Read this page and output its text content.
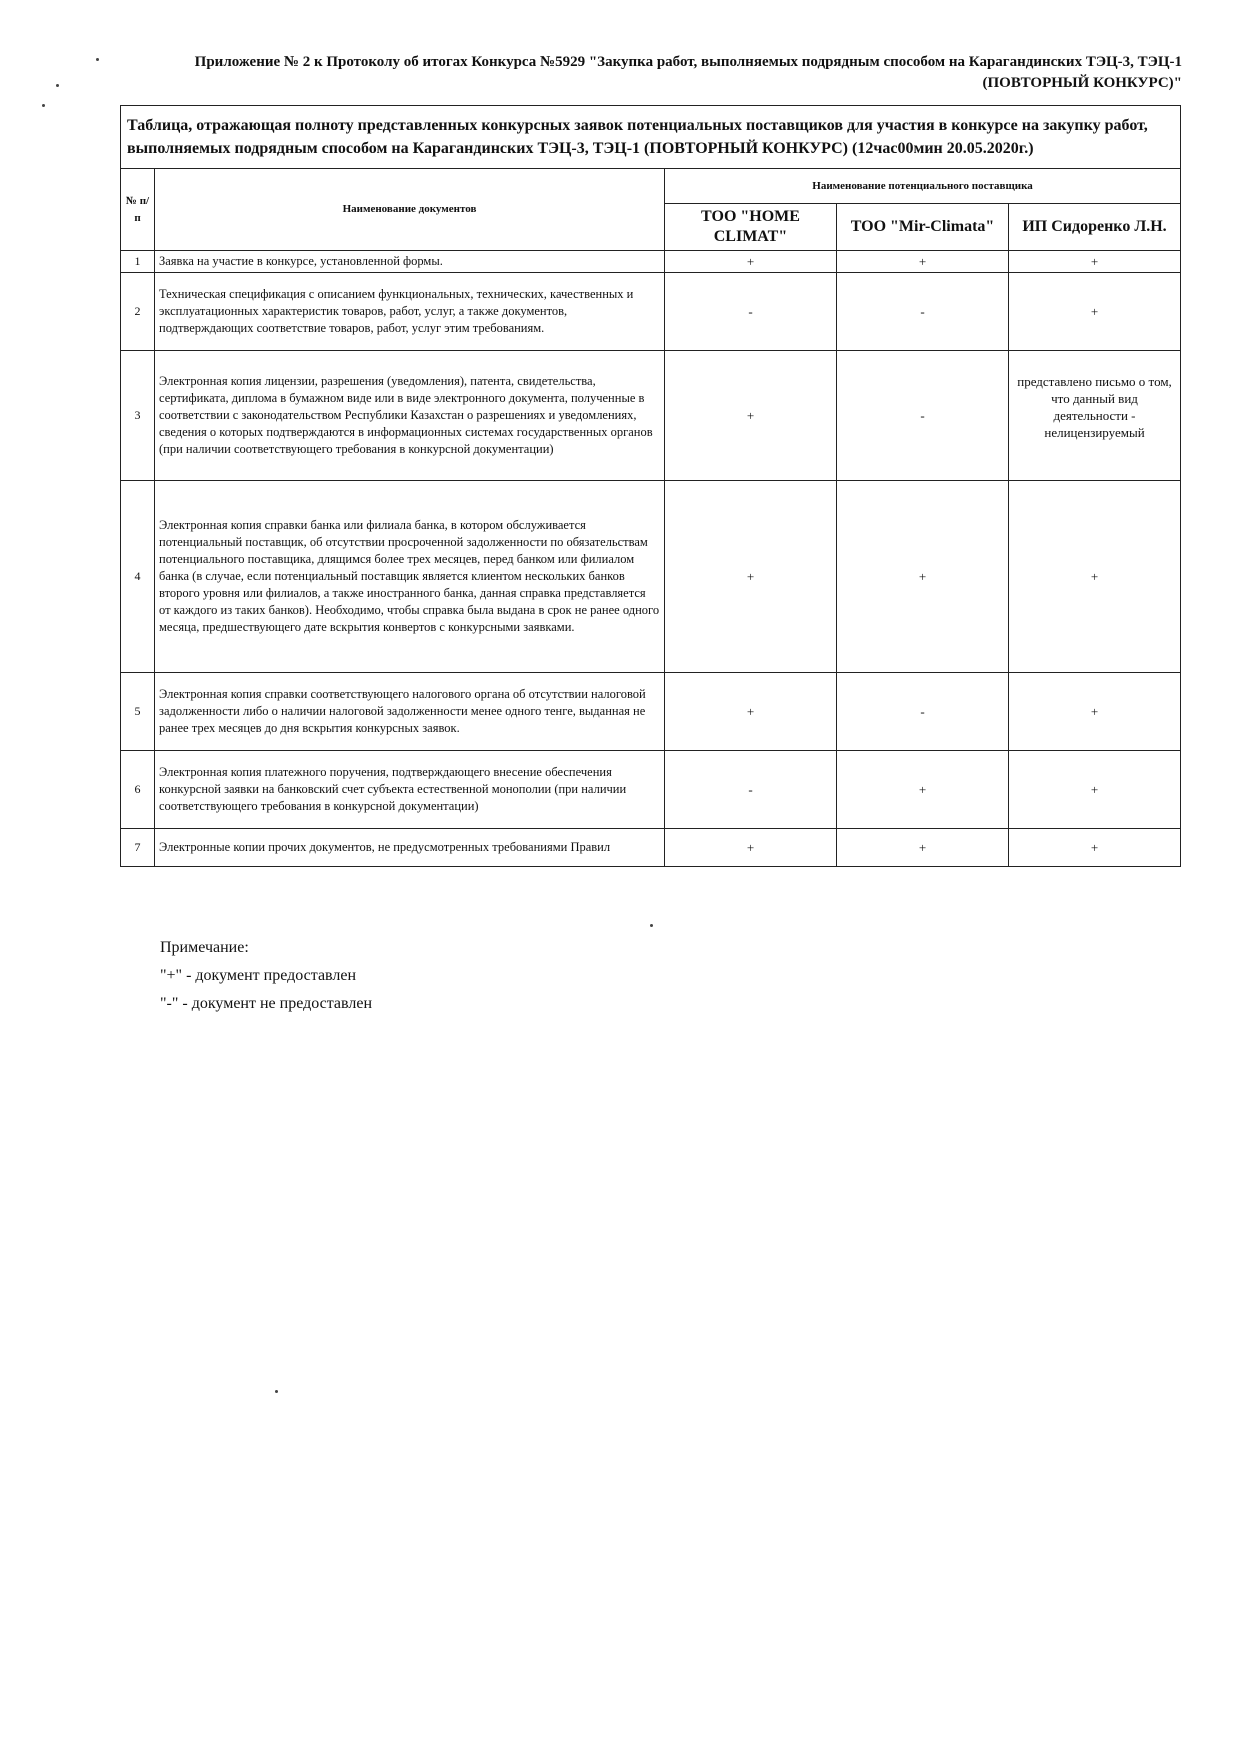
Приложение № 2 к Протоколу об итогах Конкурса №5929 "Закупка работ, выполняемых подрядным способом на Карагандинских ТЭЦ-3, ТЭЦ-1 (ПОВТОРНЫЙ КОНКУРС)"
Таблица, отражающая полноту представленных конкурсных заявок потенциальных поставщиков для участия в конкурсе на закупку работ, выполняемых подрядным способом на Карагандинских ТЭЦ-3, ТЭЦ-1 (ПОВТОРНЫЙ КОНКУРС) (12час00мин 20.05.2020г.)				
№ п/п	Наименование документов	Наименование потенциального поставщика		
		ТОО "HOME CLIMAT"	ТОО "Mir-Climata"	ИП Сидоренко Л.Н.
1	Заявка на участие в конкурсе, установленной формы.	+	+	+
2	Техническая спецификация с описанием функциональных, технических, качественных и эксплуатационных характеристик товаров, работ, услуг, а также документов, подтверждающих соответствие товаров, работ, услуг этим требованиям.	-	-	+
3	Электронная копия лицензии, разрешения (уведомления), патента, свидетельства, сертификата, диплома в бумажном виде или в виде электронного документа, полученные в соответствии с законодательством Республики Казахстан о разрешениях и уведомлениях, сведения о которых подтверждаются в информационных системах государственных органов (при наличии соответствующего требования в конкурсной документации)	+	-	представлено письмо о том, что данный вид деятельности - нелицензируемый
4	Электронная копия справки банка или филиала банка, в котором обслуживается потенциальный поставщик, об отсутствии просроченной задолженности по обязательствам потенциального поставщика, длящимся более трех месяцев, перед банком или филиалом банка (в случае, если потенциальный поставщик является клиентом нескольких банков второго уровня или филиалов, а также иностранного банка, данная справка представляется от каждого из таких банков). Необходимо, чтобы справка была выдана в срок не ранее одного месяца, предшествующего дате вскрытия конвертов с конкурсными заявками.	+	+	+
5	Электронная копия справки соответствующего налогового органа об отсутствии налоговой задолженности либо о наличии налоговой задолженности менее одного тенге, выданная не ранее трех месяцев до дня вскрытия конкурсных заявок.	+	-	+
6	Электронная копия платежного поручения, подтверждающего внесение обеспечения конкурсной заявки на банковский счет субъекта естественной монополии (при наличии соответствующего требования в конкурсной документации)	-	+	+
7	Электронные копии прочих документов, не предусмотренных требованиями Правил	+	+	+
Примечание:
"+" - документ предоставлен
"-" - документ не предоставлен
